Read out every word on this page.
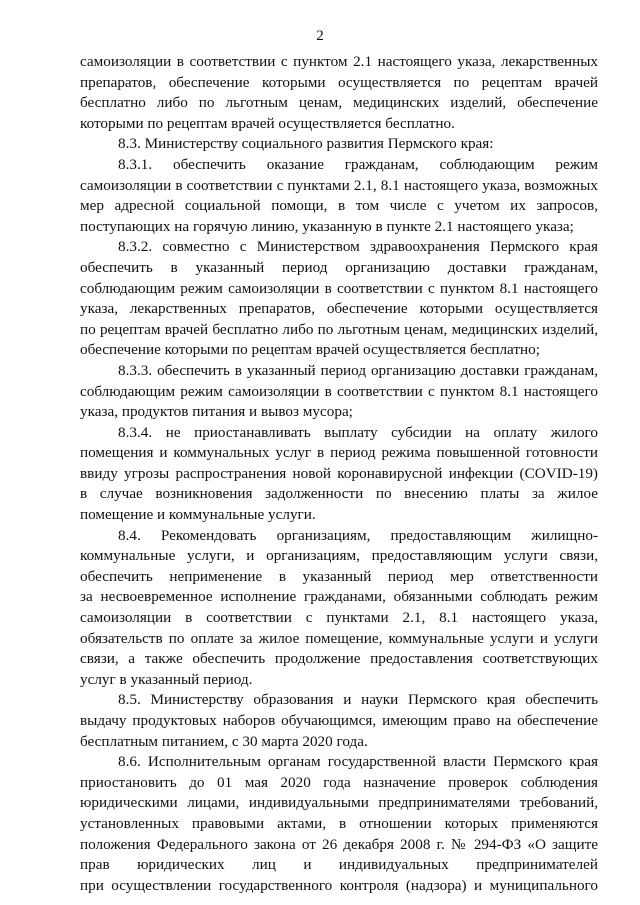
2
самоизоляции в соответствии с пунктом 2.1 настоящего указа, лекарственных
препаратов, обеспечение которыми осуществляется по рецептам врачей
бесплатно либо по льготным ценам, медицинских изделий, обеспечение
которыми по рецептам врачей осуществляется бесплатно.
8.3. Министерству социального развития Пермского края:
8.3.1. обеспечить оказание гражданам, соблюдающим режим
самоизоляции в соответствии с пунктами 2.1, 8.1 настоящего указа, возможных
мер адресной социальной помощи, в том числе с учетом их запросов,
поступающих на горячую линию, указанную в пункте 2.1 настоящего указа;
8.3.2. совместно с Министерством здравоохранения Пермского края
обеспечить в указанный период организацию доставки гражданам,
соблюдающим режим самоизоляции в соответствии с пунктом 8.1 настоящего
указа, лекарственных препаратов, обеспечение которыми осуществляется
по рецептам врачей бесплатно либо по льготным ценам, медицинских изделий,
обеспечение которыми по рецептам врачей осуществляется бесплатно;
8.3.3. обеспечить в указанный период организацию доставки гражданам,
соблюдающим режим самоизоляции в соответствии с пунктом 8.1 настоящего
указа, продуктов питания и вывоз мусора;
8.3.4. не приостанавливать выплату субсидии на оплату жилого
помещения и коммунальных услуг в период режима повышенной готовности
ввиду угрозы распространения новой коронавирусной инфекции (COVID-19)
в случае возникновения задолженности по внесению платы за жилое
помещение и коммунальные услуги.
8.4. Рекомендовать организациям, предоставляющим жилищно-
коммунальные услуги, и организациям, предоставляющим услуги связи,
обеспечить неприменение в указанный период мер ответственности
за несвоевременное исполнение гражданами, обязанными соблюдать режим
самоизоляции в соответствии с пунктами 2.1, 8.1 настоящего указа,
обязательств по оплате за жилое помещение, коммунальные услуги и услуги
связи, а также обеспечить продолжение предоставления соответствующих
услуг в указанный период.
8.5. Министерству образования и науки Пермского края обеспечить
выдачу продуктовых наборов обучающимся, имеющим право на обеспечение
бесплатным питанием, с 30 марта 2020 года.
8.6. Исполнительным органам государственной власти Пермского края
приостановить до 01 мая 2020 года назначение проверок соблюдения
юридическими лицами, индивидуальными предпринимателями требований,
установленных правовыми актами, в отношении которых применяются
положения Федерального закона от 26 декабря 2008 г. № 294-ФЗ «О защите
прав юридических лиц и индивидуальных предпринимателей
при осуществлении государственного контроля (надзора) и муниципального
